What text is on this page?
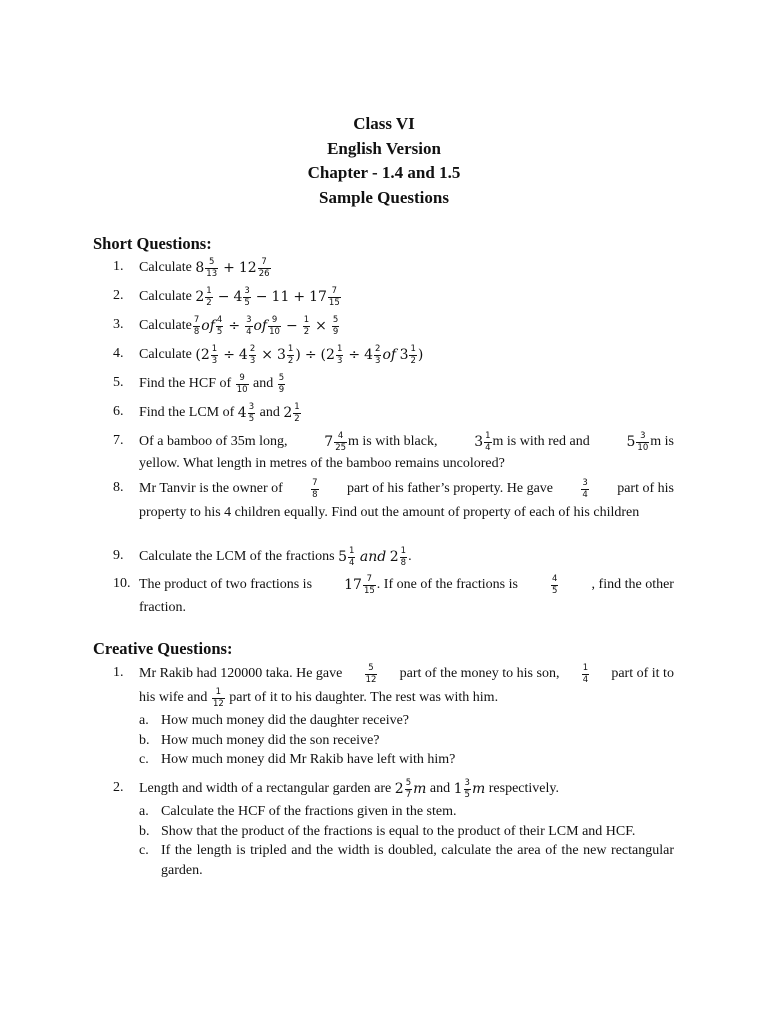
Class VI
English Version
Chapter - 1.4 and 1.5
Sample Questions
Short Questions:
1.	Calculate
$8 \frac{5}{13} + 12 \frac{7}{26}$
2.	Calculate
$2 \frac{1}{2} - 4 \frac{3}{5} - 11 + 17 \frac{7}{15}$
3.	Calculate $\frac{7}{8}$ of $\frac{4}{5} \div \frac{3}{4}$ of $\frac{9}{10} - \frac{1}{2} \times \frac{5}{9}$
4.	Calculate
( $2 \frac{1}{3} \div 4 \frac{2}{3} \times 3 \frac{1}{2}$ ) ÷ ( $2 \frac{1}{3} \div 4 \frac{2}{3}$ of
$3 \frac{1}{2}$ )
5.	Find the HCF of
$\frac{9}{10}$
and
$\frac{5}{9}$
6.	Find the LCM of
$4 \frac{3}{5}$
and
$2 \frac{1}{2}$
7.	Of a bamboo of 35m long,	$7 \frac{4}{25}$ m is with black,	$3 \frac{1}{4}$ m is with red and	$5 \frac{3}{10}$ m is
yellow. What length in metres of the bamboo remains uncolored?
8.	Mr Tanvir is the owner of	$\frac{7}{8}$ part of his father’s property. He gave	$\frac{3}{4}$ part of his
property to his 4 children equally. Find out the amount of property of each of his children
9.	Calculate the LCM of the fractions
$5 \frac{1}{4}$
and
$2 \frac{1}{8}$ .
10. The product of two fractions is $17 \frac{7}{15}$ . If one of the fractions is	$\frac{4}{5}$ , find the other
fraction.
Creative Questions:
1.	Mr Rakib had 120000 taka. He gave	$\frac{5}{12}$ part of the money to his son,	$\frac{1}{4}$ part of it to
his wife and
$\frac{1}{12}$
part of it to his daughter. The rest was with him.
a. How much money did the daughter receive?
b. How much money did the son receive?
c. How much money did Mr Rakib have left with him?
2.	Length and width of a rectangular garden are
$2 \frac{5}{7}$ m
and
$1 \frac{3}{5}$ m
respectively.
a. Calculate the HCF of the fractions given in the stem.
b. Show that the product of the fractions is equal to the product of their LCM and HCF.
c. If the length is tripled and the width is doubled, calculate the area of the new rectangular garden.
